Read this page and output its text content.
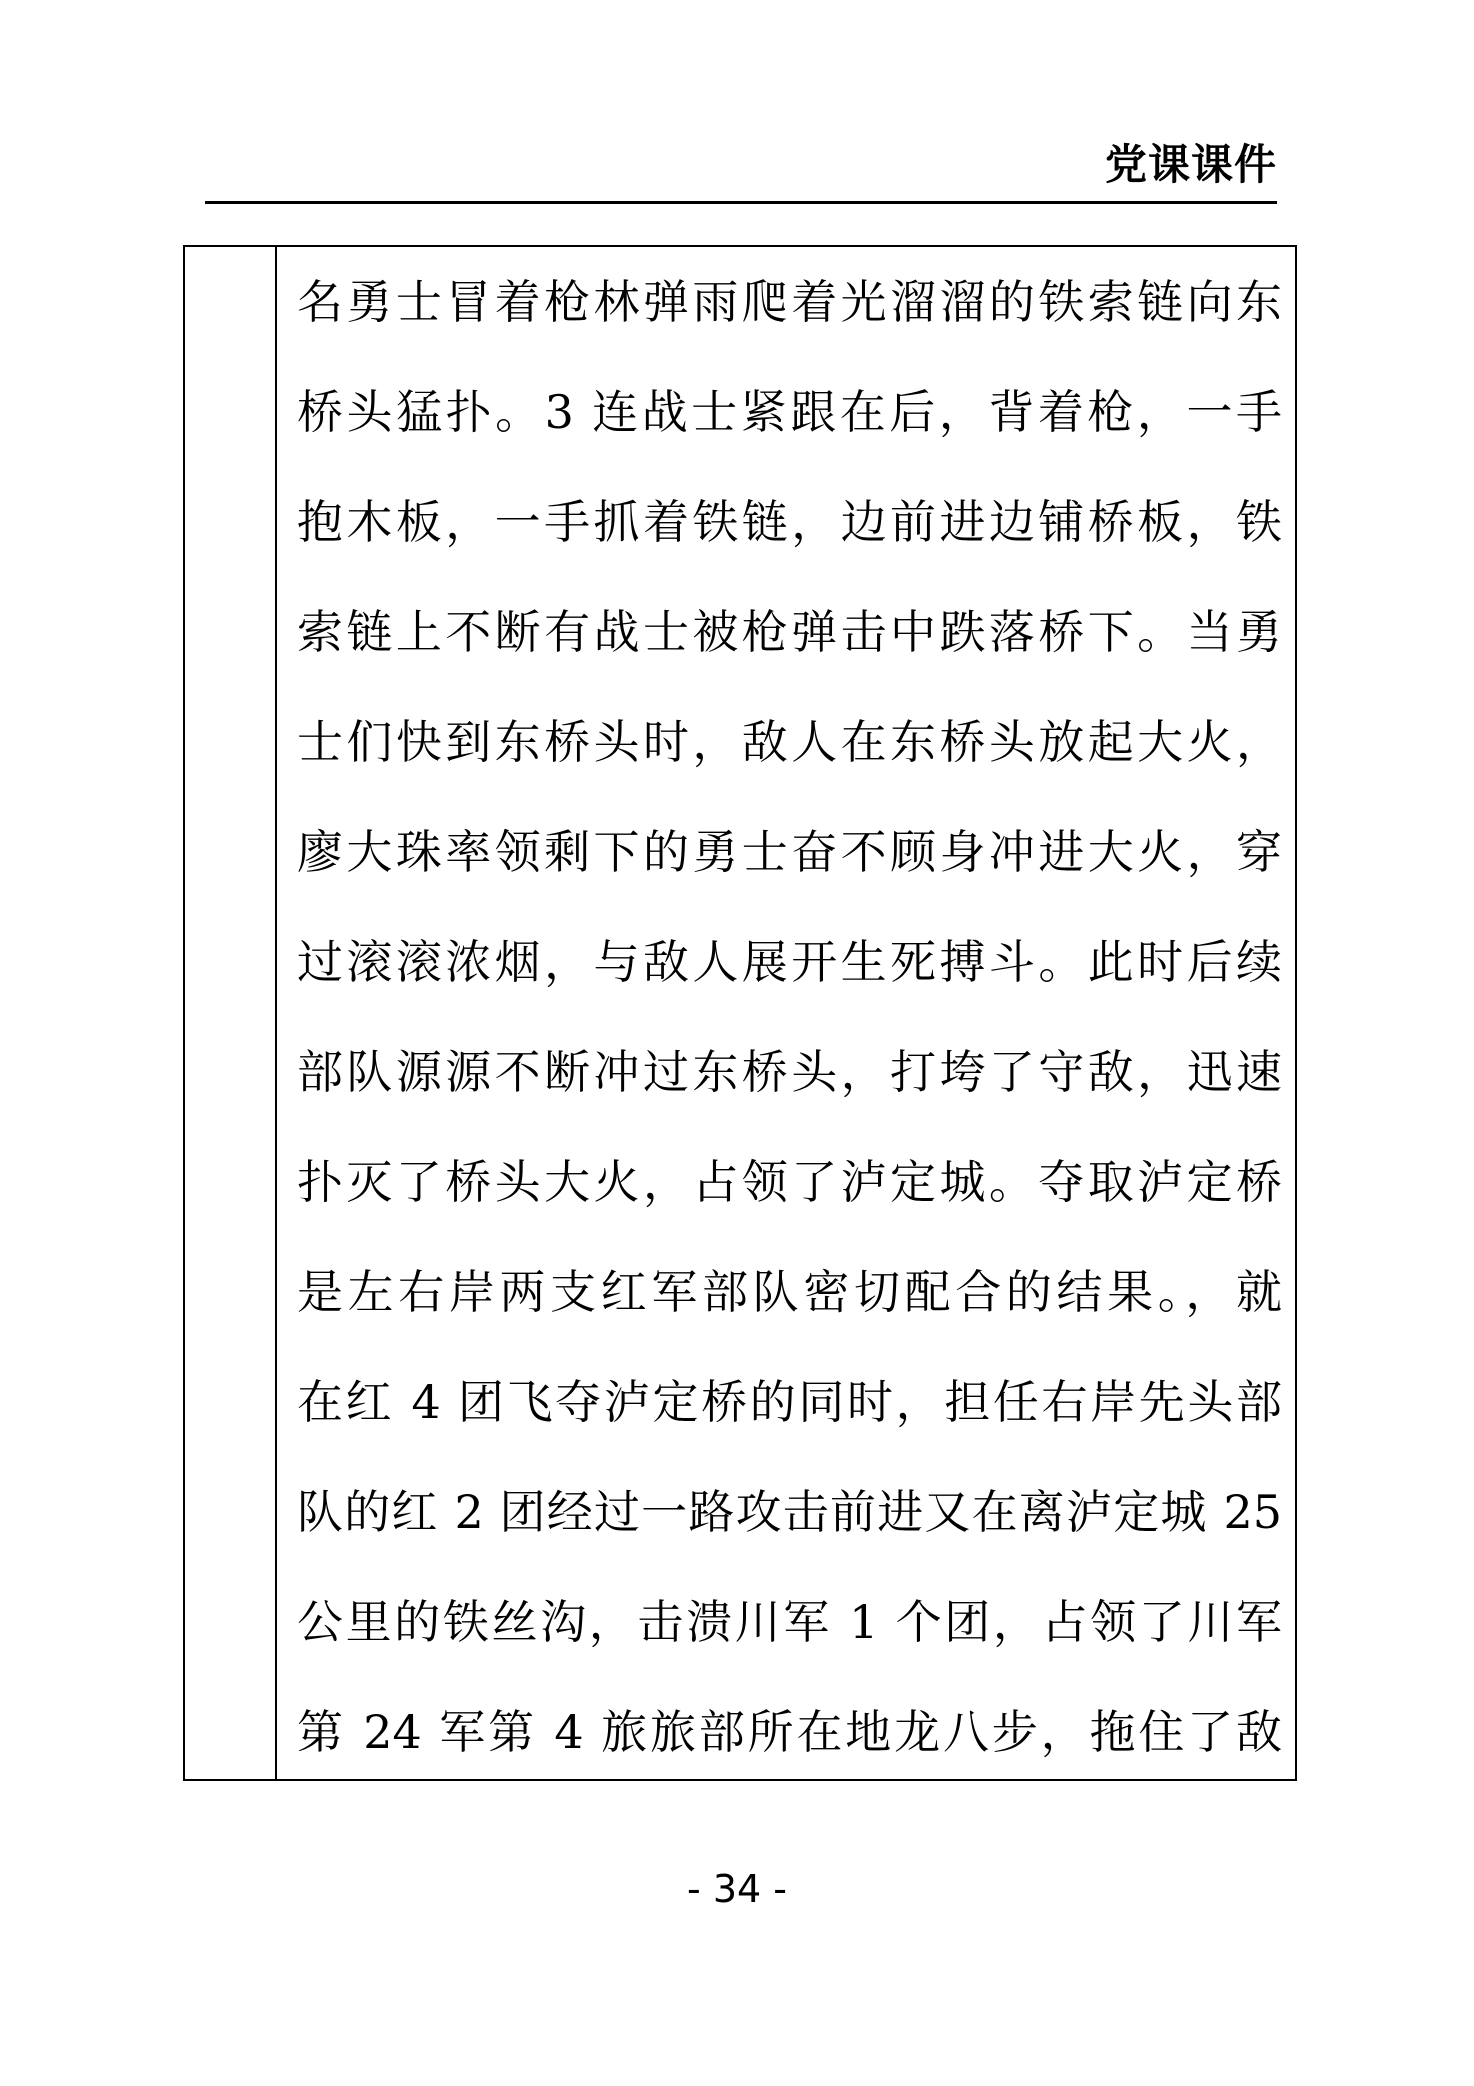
党课课件
名勇士冒着枪林弹雨爬着光溜溜的铁索链向东
桥头猛扑。3 连战士紧跟在后，背着枪，一手
抱木板，一手抓着铁链，边前进边铺桥板，铁
索链上不断有战士被枪弹击中跌落桥下。当勇
士们快到东桥头时，敌人在东桥头放起大火，
廖大珠率领剩下的勇士奋不顾身冲进大火，穿
过滚滚浓烟，与敌人展开生死搏斗。此时后续
部队源源不断冲过东桥头，打垮了守敌，迅速
扑灭了桥头大火，占领了泸定城。夺取泸定桥
是左右岸两支红军部队密切配合的结果。，就
在红 4 团飞夺泸定桥的同时，担任右岸先头部
队的红 2 团经过一路攻击前进又在离泸定城 25
公里的铁丝沟，击溃川军 1 个团，占领了川军
第 24 军第 4 旅旅部所在地龙八步，拖住了敌
- 34 -
